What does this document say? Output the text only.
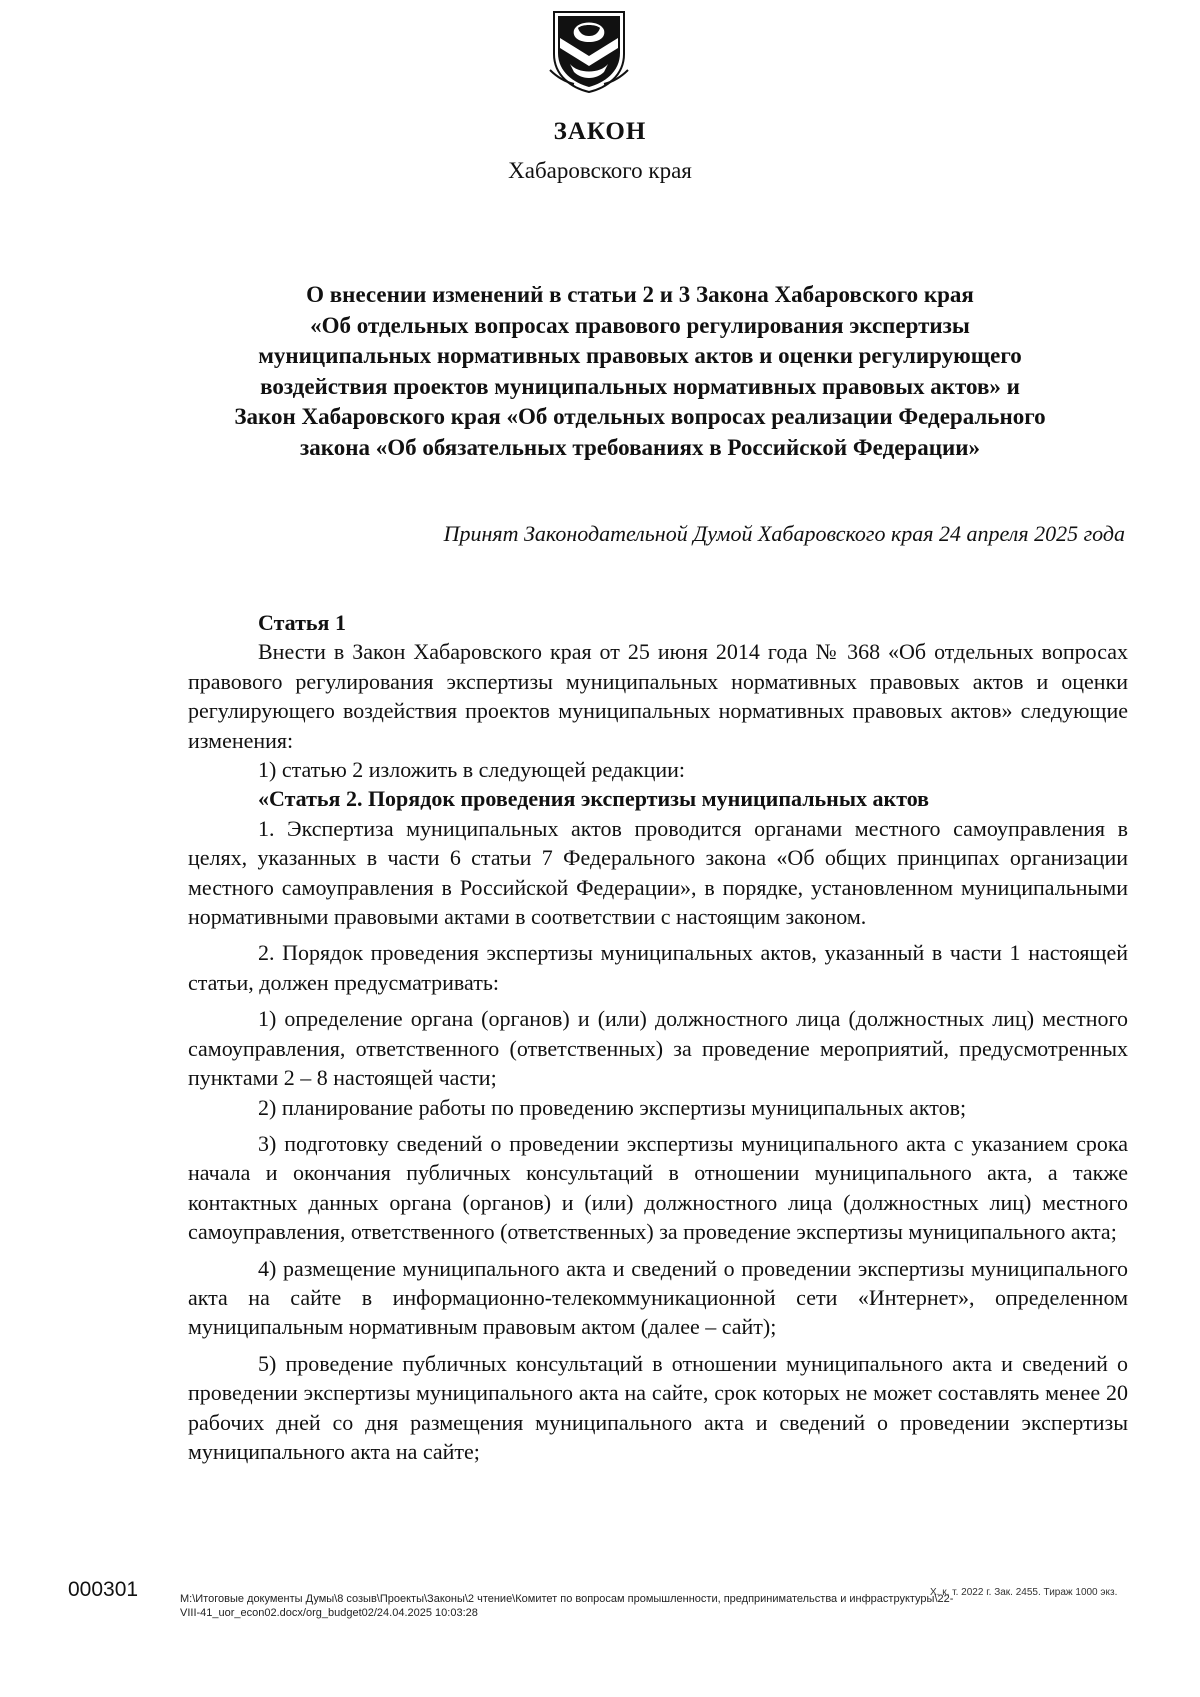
ЗАКОН
Хабаровского края
О внесении изменений в статьи 2 и 3 Закона Хабаровского края
«Об отдельных вопросах правового регулирования экспертизы
муниципальных нормативных правовых актов и оценки регулирующего
воздействия проектов муниципальных нормативных правовых актов» и
Закон Хабаровского края «Об отдельных вопросах реализации Федерального
закона «Об обязательных требованиях в Российской Федерации»
Принят Законодательной Думой Хабаровского края 24 апреля 2025 года

Статья 1

Внести в Закон Хабаровского края от 25 июня 2014 года № 368 «Об отдельных вопросах правового регулирования экспертизы муниципальных нормативных правовых актов и оценки регулирующего воздействия проектов муниципальных нормативных правовых актов» следующие изменения:

1) статью 2 изложить в следующей редакции:

«Статья 2. Порядок проведения экспертизы муниципальных актов

1. Экспертиза муниципальных актов проводится органами местного самоуправления в целях, указанных в части 6 статьи 7 Федерального закона «Об общих принципах организации местного самоуправления в Российской Федерации», в порядке, установленном муниципальными нормативными правовыми актами в соответствии с настоящим законом.

2. Порядок проведения экспертизы муниципальных актов, указанный в части 1 настоящей статьи, должен предусматривать:

1) определение органа (органов) и (или) должностного лица (должностных лиц) местного самоуправления, ответственного (ответственных) за проведение мероприятий, предусмотренных пунктами 2 – 8 настоящей части;

2) планирование работы по проведению экспертизы муниципальных актов;

3) подготовку сведений о проведении экспертизы муниципального акта с указанием срока начала и окончания публичных консультаций в отношении муниципального акта, а также контактных данных органа (органов) и (или) должностного лица (должностных лиц) местного самоуправления, ответственного (ответственных) за проведение экспертизы муниципального акта;

4) размещение муниципального акта и сведений о проведении экспертизы муниципального акта на сайте в информационно-телекоммуникационной сети «Интернет», определенном муниципальным нормативным правовым актом (далее – сайт);

5) проведение публичных консультаций в отношении муниципального акта и сведений о проведении экспертизы муниципального акта на сайте, срок которых не может составлять менее 20 рабочих дней со дня размещения муниципального акта и сведений о проведении экспертизы муниципального акта на сайте;

000301	Х. к. т. 2022 г. Зак. 2455. Тираж 1000 экз.
M:\Итоговые документы Думы\8 созыв\Проекты\Законы\2 чтение\Комитет по вопросам промышленности, предпринимательства и инфраструктуры\22-
VIII-41_uor_econ02.docx/org_budget02/24.04.2025 10:03:28
